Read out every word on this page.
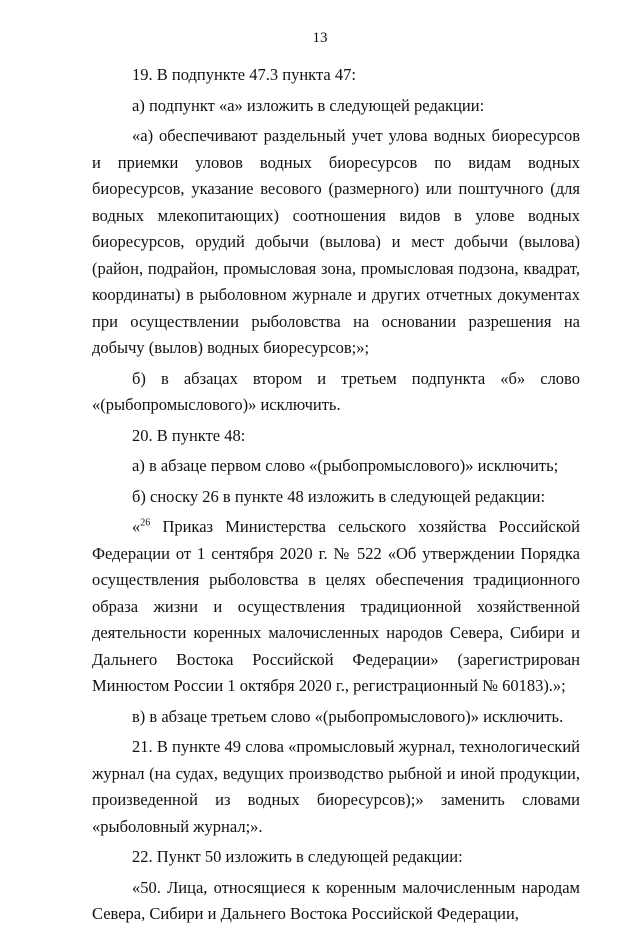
13

19. В подпункте 47.3 пункта 47:

а) подпункт «а» изложить в следующей редакции:

«а) обеспечивают раздельный учет улова водных биоресурсов и приемки уловов водных биоресурсов по видам водных биоресурсов, указание весового (размерного) или поштучного (для водных млекопитающих) соотношения видов в улове водных биоресурсов, орудий добычи (вылова) и мест добычи (вылова) (район, подрайон, промысловая зона, промысловая подзона, квадрат, координаты) в рыболовном журнале и других отчетных документах при осуществлении рыболовства на основании разрешения на добычу (вылов) водных биоресурсов;»;

б) в абзацах втором и третьем подпункта «б» слово «(рыбопромыслового)» исключить.

20. В пункте 48:

а) в абзаце первом слово «(рыбопромыслового)» исключить;

б) сноску 26 в пункте 48 изложить в следующей редакции:

«$^{26}$ Приказ Министерства сельского хозяйства Российской Федерации от 1 сентября 2020 г. № 522 «Об утверждении Порядка осуществления рыболовства в целях обеспечения традиционного образа жизни и осуществления традиционной хозяйственной деятельности коренных малочисленных народов Севера, Сибири и Дальнего Востока Российской Федерации» (зарегистрирован Минюстом России 1 октября 2020 г., регистрационный № 60183).»;

в) в абзаце третьем слово «(рыбопромыслового)» исключить.

21. В пункте 49 слова «промысловый журнал, технологический журнал (на судах, ведущих производство рыбной и иной продукции, произведенной из водных биоресурсов);» заменить словами «рыболовный журнал;».

22. Пункт 50 изложить в следующей редакции:

«50. Лица, относящиеся к коренным малочисленным народам Севера, Сибири и Дальнего Востока Российской Федерации,
